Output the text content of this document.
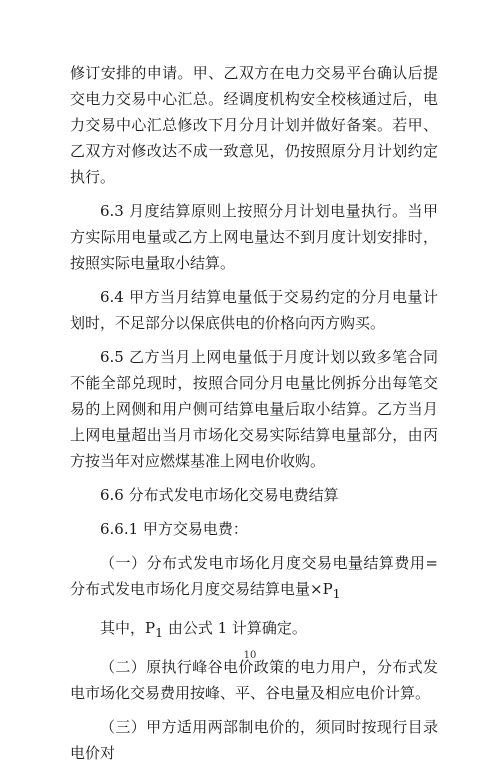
修订安排的申请。甲、乙双方在电力交易平台确认后提交电力交易中心汇总。经调度机构安全校核通过后，电力交易中心汇总修改下月分月计划并做好备案。若甲、乙双方对修改达不成一致意见，仍按照原分月计划约定执行。

6.3 月度结算原则上按照分月计划电量执行。当甲方实际用电量或乙方上网电量达不到月度计划安排时，按照实际电量取小结算。

6.4 甲方当月结算电量低于交易约定的分月电量计划时，不足部分以保底供电的价格向丙方购买。

6.5 乙方当月上网电量低于月度计划以致多笔合同不能全部兑现时，按照合同分月电量比例拆分出每笔交易的上网侧和用户侧可结算电量后取小结算。乙方当月上网电量超出当月市场化交易实际结算电量部分，由丙方按当年对应燃煤基准上网电价收购。

6.6 分布式发电市场化交易电费结算

6.6.1 甲方交易电费：

（一）分布式发电市场化月度交易电量结算费用=分布式发电市场化月度交易结算电量$\times P_1$

其中，$P_1$ 由公式 1 计算确定。

（二）原执行峰谷电价政策的电力用户，分布式发电市场化交易费用按峰、平、谷电量及相应电价计算。

（三）甲方适用两部制电价的，须同时按现行目录电价对

10
